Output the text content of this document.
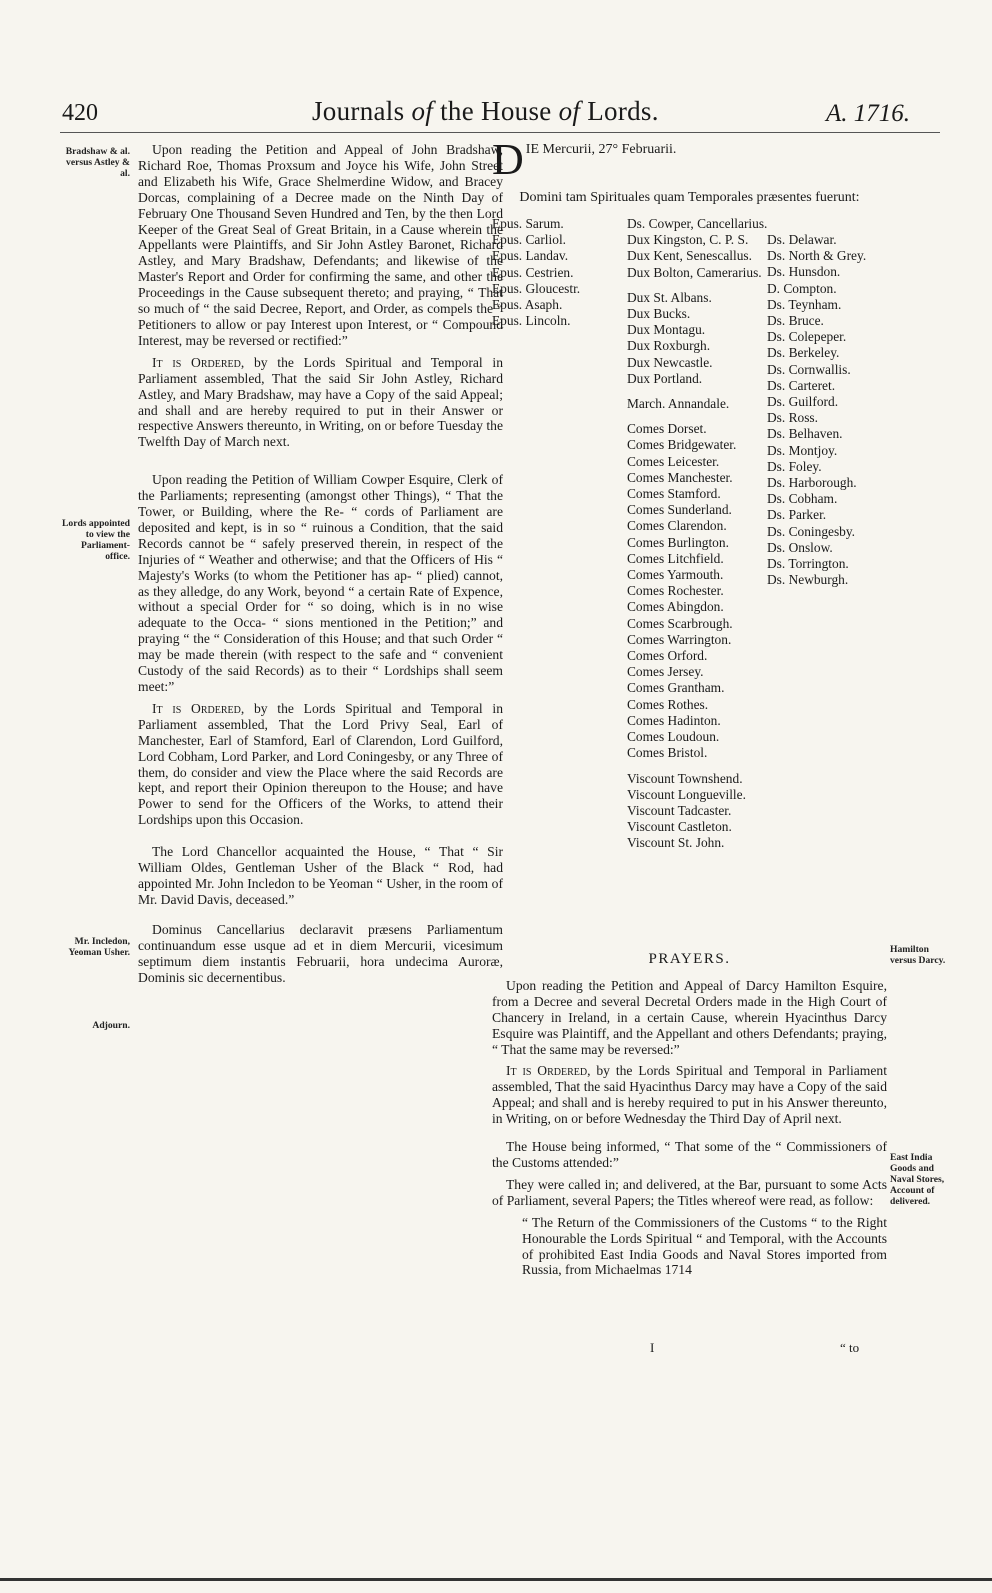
420	Journals of the House of Lords.	A. 1716.
Bradshaw & al. versus Astley & al.
Lords appointed to view the Parliament-office.
Mr. Incledon, Yeoman Usher.
Adjourn.

Upon reading the Petition and Appeal of John Bradshaw, Richard Roe, Thomas Proxsum and Joyce his Wife, John Street and Elizabeth his Wife, Grace Shelmerdine Widow, and Bracey Dorcas, complaining of a Decree made on the Ninth Day of February One Thousand Seven Hundred and Ten, by the then Lord Keeper of the Great Seal of Great Britain, in a Cause wherein the Appellants were Plaintiffs, and Sir John Astley Baronet, Richard Astley, and Mary Bradshaw, Defendants; and likewise of the Master's Report and Order for confirming the same, and other the Proceedings in the Cause subsequent thereto; and praying, “ That so much of “ the said Decree, Report, and Order, as compels the “ Petitioners to allow or pay Interest upon Interest, or “ Compound Interest, may be reversed or rectified:”

It is Ordered, by the Lords Spiritual and Temporal in Parliament assembled, That the said Sir John Astley, Richard Astley, and Mary Bradshaw, may have a Copy of the said Appeal; and shall and are hereby required to put in their Answer or respective Answers thereunto, in Writing, on or before Tuesday the Twelfth Day of March next.

Upon reading the Petition of William Cowper Esquire, Clerk of the Parliaments; representing (amongst other Things), “ That the Tower, or Building, where the Re- “ cords of Parliament are deposited and kept, is in so “ ruinous a Condition, that the said Records cannot be “ safely preserved therein, in respect of the Injuries of “ Weather and otherwise; and that the Officers of His “ Majesty's Works (to whom the Petitioner has ap- “ plied) cannot, as they alledge, do any Work, beyond “ a certain Rate of Expence, without a special Order for “ so doing, which is in no wise adequate to the Occa- “ sions mentioned in the Petition;” and praying “ the “ Consideration of this House; and that such Order “ may be made therein (with respect to the safe and “ convenient Custody of the said Records) as to their “ Lordships shall seem meet:”

It is Ordered, by the Lords Spiritual and Temporal in Parliament assembled, That the Lord Privy Seal, Earl of Manchester, Earl of Stamford, Earl of Clarendon, Lord Guilford, Lord Cobham, Lord Parker, and Lord Coningesby, or any Three of them, do consider and view the Place where the said Records are kept, and report their Opinion thereupon to the House; and have Power to send for the Officers of the Works, to attend their Lordships upon this Occasion.

The Lord Chancellor acquainted the House, “ That “ Sir William Oldes, Gentleman Usher of the Black “ Rod, had appointed Mr. John Incledon to be Yeoman “ Usher, in the room of Mr. David Davis, deceased.”

Dominus Cancellarius declaravit præsens Parliamentum continuandum esse usque ad et in diem Mercurii, vicesimum septimum diem instantis Februarii, hora undecima Auroræ, Dominis sic decernentibus.

DIE Mercurii, 27° Februarii.
Domini tam Spirituales quam Temporales præsentes fuerunt:
Epus. Sarum.
Epus. Carliol.
Epus. Landav.
Epus. Cestrien.
Epus. Gloucestr.
Epus. Asaph.
Epus. Lincoln.
Ds. Cowper, Cancellarius.
Dux Kingston, C. P. S.
Dux Kent, Senescallus.
Dux Bolton, Camerarius.
Dux St. Albans.
Dux Bucks.
Dux Montagu.
Dux Roxburgh.
Dux Newcastle.
Dux Portland.
March. Annandale.
Comes Dorset.
Comes Bridgewater.
Comes Leicester.
Comes Manchester.
Comes Stamford.
Comes Sunderland.
Comes Clarendon.
Comes Burlington.
Comes Litchfield.
Comes Yarmouth.
Comes Rochester.
Comes Abingdon.
Comes Scarbrough.
Comes Warrington.
Comes Orford.
Comes Jersey.
Comes Grantham.
Comes Rothes.
Comes Hadinton.
Comes Loudoun.
Comes Bristol.
Viscount Townshend.
Viscount Longueville.
Viscount Tadcaster.
Viscount Castleton.
Viscount St. John.
Ds. Delawar.
Ds. North & Grey.
Ds. Hunsdon.
D. Compton.
Ds. Teynham.
Ds. Bruce.
Ds. Colepeper.
Ds. Berkeley.
Ds. Cornwallis.
Ds. Carteret.
Ds. Guilford.
Ds. Ross.
Ds. Belhaven.
Ds. Montjoy.
Ds. Foley.
Ds. Harborough.
Ds. Cobham.
Ds. Parker.
Ds. Coningesby.
Ds. Onslow.
Ds. Torrington.
Ds. Newburgh.
PRAYERS.

Upon reading the Petition and Appeal of Darcy Hamilton Esquire, from a Decree and several Decretal Orders made in the High Court of Chancery in Ireland, in a certain Cause, wherein Hyacinthus Darcy Esquire was Plaintiff, and the Appellant and others Defendants; praying, “ That the same may be reversed:”

It is Ordered, by the Lords Spiritual and Temporal in Parliament assembled, That the said Hyacinthus Darcy may have a Copy of the said Appeal; and shall and is hereby required to put in his Answer thereunto, in Writing, on or before Wednesday the Third Day of April next.

The House being informed, “ That some of the “ Commissioners of the Customs attended:”

They were called in; and delivered, at the Bar, pursuant to some Acts of Parliament, several Papers; the Titles whereof were read, as follow:

“ The Return of the Commissioners of the Customs “ to the Right Honourable the Lords Spiritual “ and Temporal, with the Accounts of prohibited East India Goods and Naval Stores imported from Russia, from Michaelmas 1714

Hamilton versus Darcy.
East India Goods and Naval Stores, Account of delivered.
I	“ to
